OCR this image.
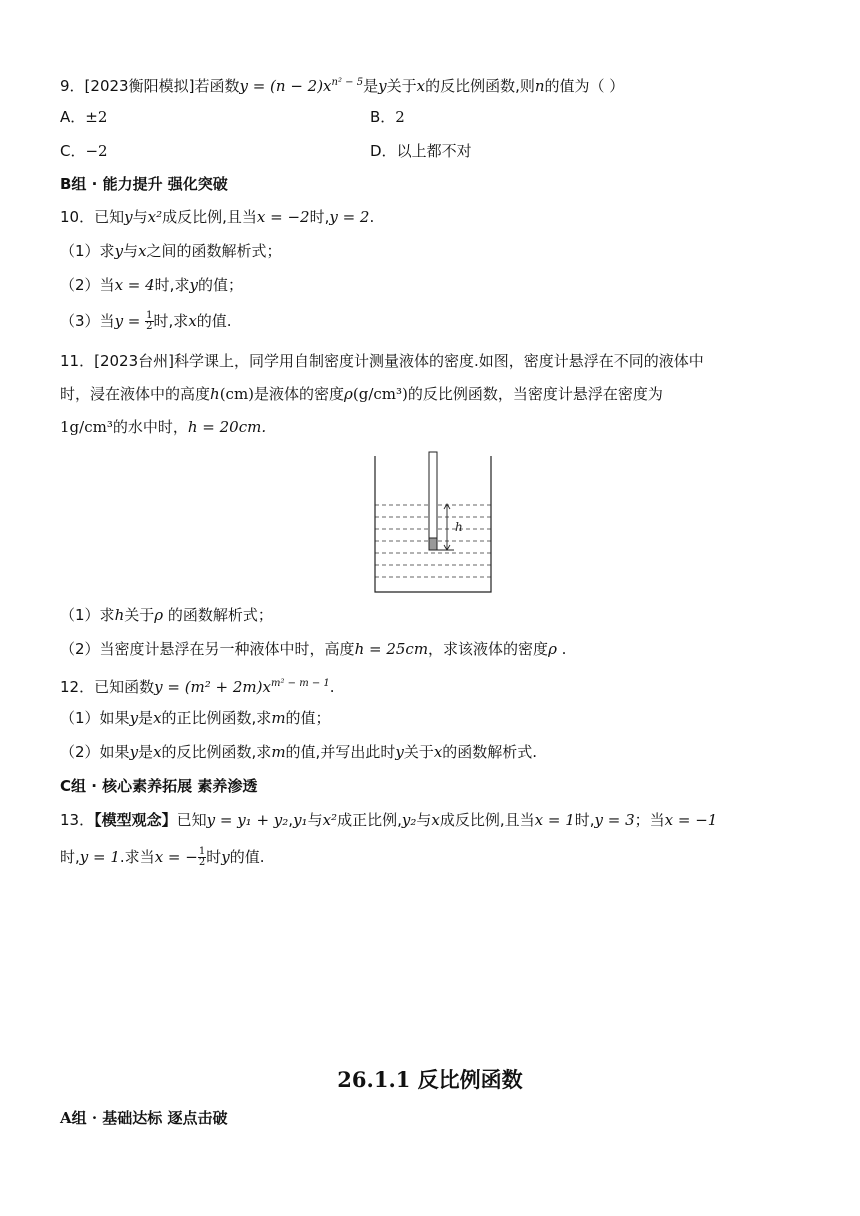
9．[2023衡阳模拟]若函数$y = (n - 2)x^{n^2 - 5}$是y关于x的反比例函数,则n的值为（ ）
A．±2	B．2
C．−2	D．以上都不对
B组 · 能力提升 强化突破
10．已知y与x²成反比例,且当x = −2时,y = 2.
（1）求y与x之间的函数解析式；
（2）当x = 4时,求y的值；
（3）当$y = \frac{1}{2}$ 时,求x的值.
11．[2023台州]科学课上，同学用自制密度计测量液体的密度.如图，密度计悬浮在不同的液体中
时，浸在液体中的高度h(cm)是液体的密度ρ(g/cm³)的反比例函数，当密度计悬浮在密度为
1g/cm³的水中时，h = 20cm.
h
（1）求h关于ρ 的函数解析式；
（2）当密度计悬浮在另一种液体中时，高度h = 25cm，求该液体的密度ρ .
12．已知函数$y = (m^2 + 2m)x^{m^2 - m - 1}$.
（1）如果y是x的正比例函数,求m的值；
（2）如果y是x的反比例函数,求m的值,并写出此时y关于x的函数解析式.
C组 · 核心素养拓展 素养渗透
13．【模型观念】已知y = y₁ + y₂,y₁与x²成正比例,y₂与x成反比例,且当x = 1时,y = 3；当x = −1
时,y = 1.求当x = − $\frac{1}{2}$ 时y的值.
26.1.1 反比例函数
A组 · 基础达标 逐点击破
